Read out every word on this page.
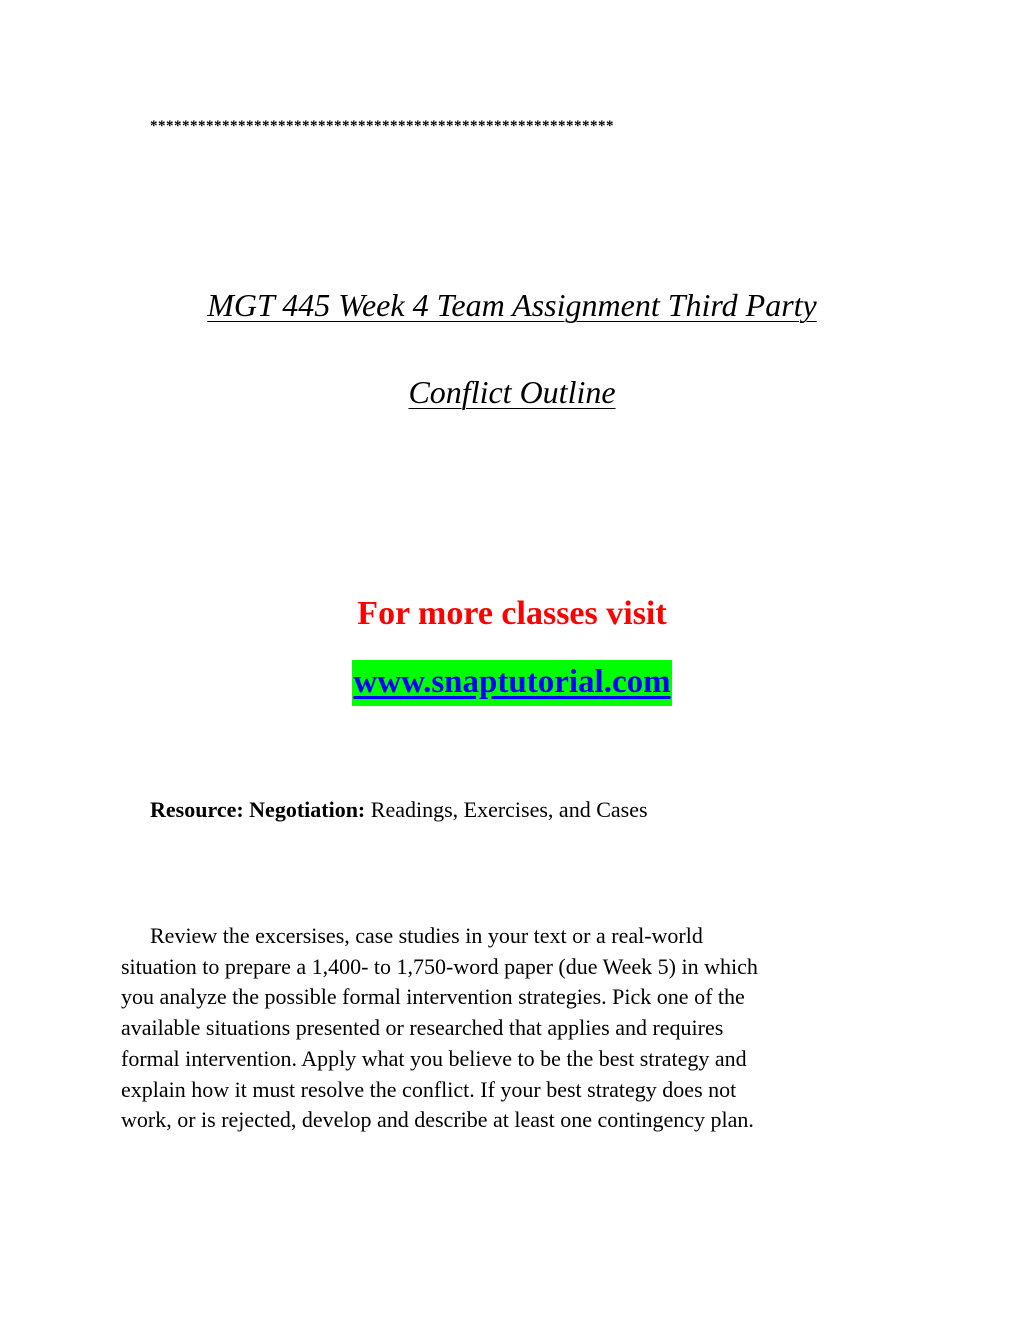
**********************************************************
MGT 445 Week 4 Team Assignment Third Party
Conflict Outline
For more classes visit
www.snaptutorial.com
Resource: Negotiation: Readings, Exercises, and Cases
Review the excersises, case studies in your text or a real-world
situation to prepare a 1,400- to 1,750-word paper (due Week 5) in which
you analyze the possible formal intervention strategies. Pick one of the
available situations presented or researched that applies and requires
formal intervention. Apply what you believe to be the best strategy and
explain how it must resolve the conflict. If your best strategy does not
work, or is rejected, develop and describe at least one contingency plan.
